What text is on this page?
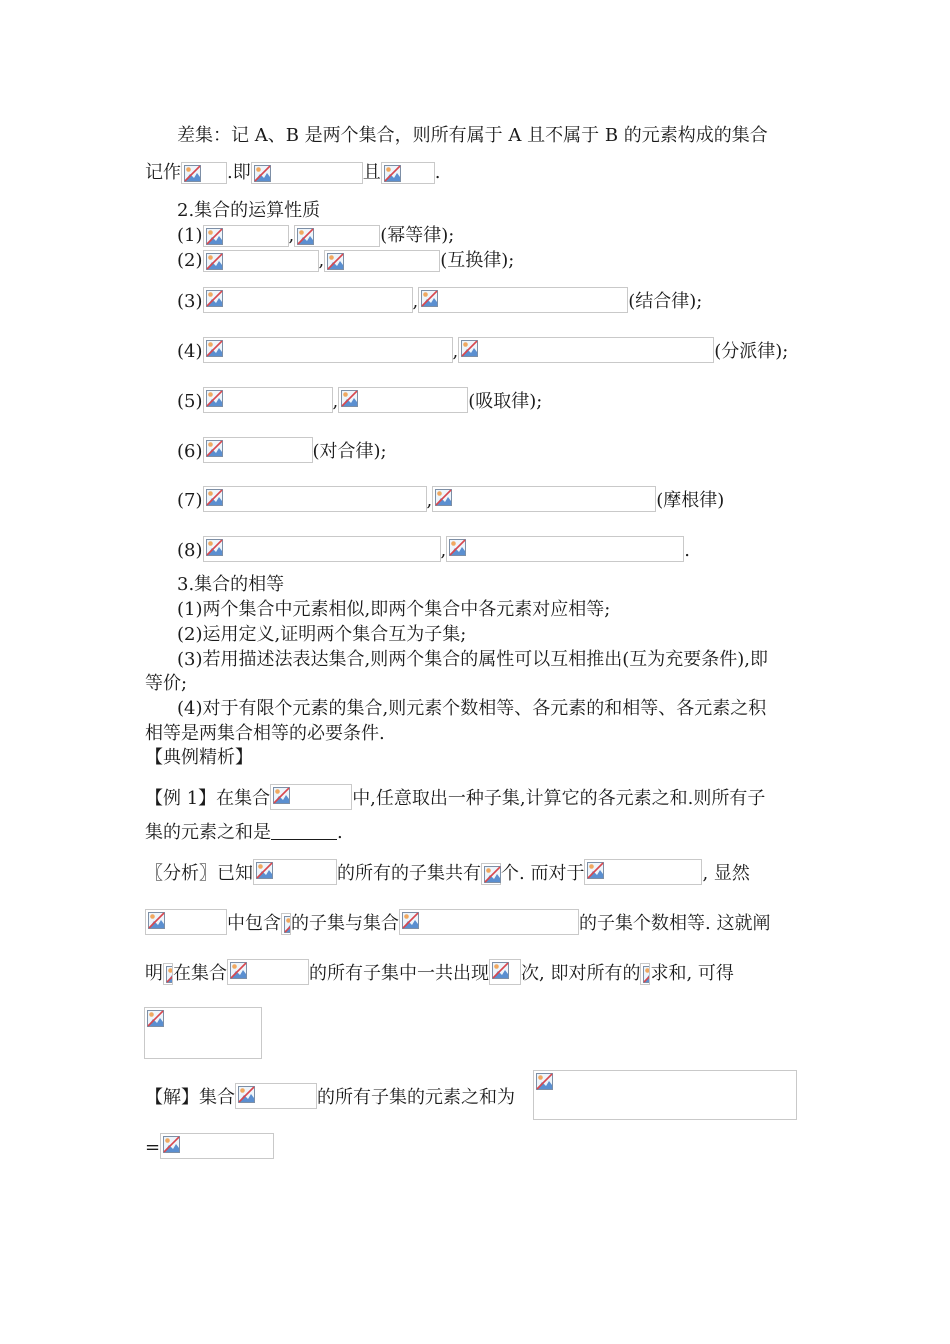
差集：记 A、B 是两个集合，则所有属于 A 且不属于 B 的元素构成的集合
记作	.即	且	.
2.集合的运算性质
(1)	,	(幂等律);
(2)	,	(互换律);
(3)	,	(结合律);
(4)	,	(分派律);
(5)	,	(吸取律);
(6)	(对合律);
(7)	,	(摩根律)
(8)	,	.
3.集合的相等
(1)两个集合中元素相似,即两个集合中各元素对应相等;
(2)运用定义,证明两个集合互为子集;
(3)若用描述法表达集合,则两个集合的属性可以互相推出(互为充要条件),即
等价;
(4)对于有限个元素的集合,则元素个数相等、各元素的和相等、各元素之积
相等是两集合相等的必要条件.
【典例精析】
【例 1】在集合	中,任意取出一种子集,计算它的各元素之和.则所有子
集的元素之和是	.
〖分析〗已知	的所有的子集共有 个. 而对于	, 显然
中包含 的子集与集合	的子集个数相等. 这就阐
明 在集合	的所有子集中一共出现 次, 即对所有的 求和, 可得
【解】集合	的所有子集的元素之和为
=
